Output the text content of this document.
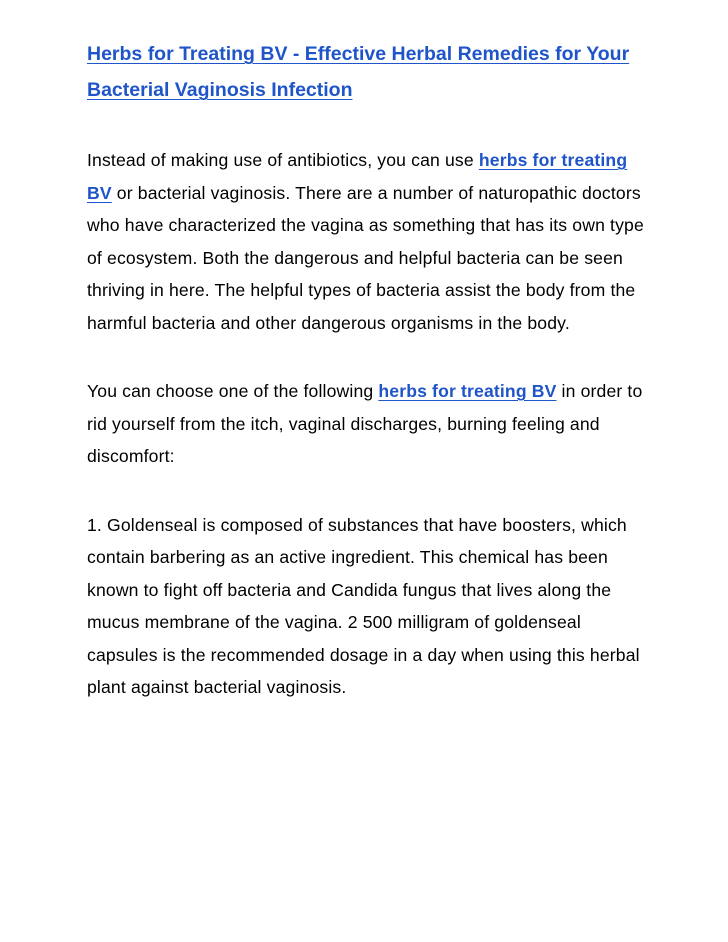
Herbs for Treating BV - Effective Herbal Remedies for Your Bacterial Vaginosis Infection

Instead of making use of antibiotics, you can use herbs for treating BV or bacterial vaginosis. There are a number of naturopathic doctors who have characterized the vagina as something that has its own type of ecosystem. Both the dangerous and helpful bacteria can be seen thriving in here. The helpful types of bacteria assist the body from the harmful bacteria and other dangerous organisms in the body.

You can choose one of the following herbs for treating BV in order to rid yourself from the itch, vaginal discharges, burning feeling and discomfort:

1. Goldenseal is composed of substances that have boosters, which contain barbering as an active ingredient. This chemical has been known to fight off bacteria and Candida fungus that lives along the mucus membrane of the vagina. 2 500 milligram of goldenseal capsules is the recommended dosage in a day when using this herbal plant against bacterial vaginosis.
